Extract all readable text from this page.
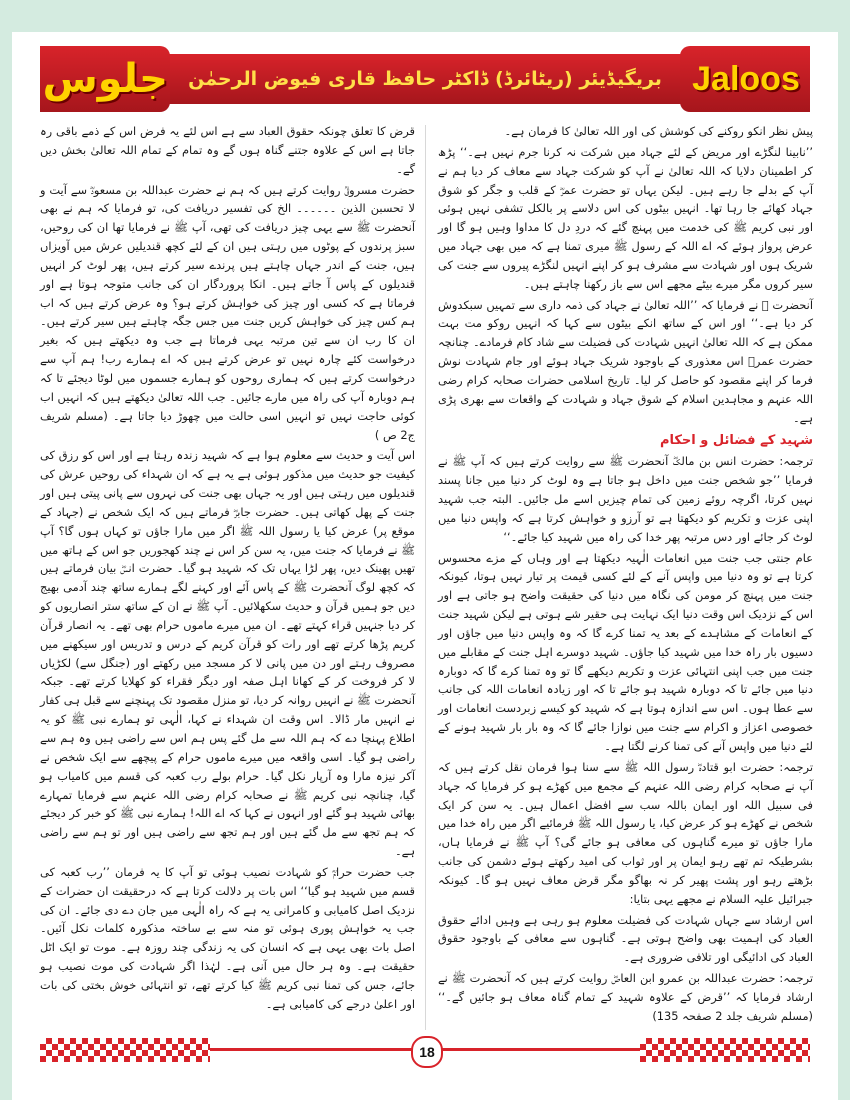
جلوس	بریگیڈیئر (ریٹائرڈ) ڈاکٹر حافظ قاری فیوض الرحمٰن Jaloos

پیش نظر انکو روکنے کی کوشش کی اور اللہ تعالیٰ کا فرمان ہے۔

’’نابینا لنگڑے اور مریض کے لئے جہاد میں شرکت نہ کرنا جرم نہیں ہے۔‘‘ پڑھ کر اطمینان دلایا کہ اللہ تعالیٰ نے آپ کو شرکت جہاد سے معاف کر دیا ہم نے آپ کے بدلے جا رہے ہیں۔ لیکن یہاں تو حضرت عمرؓ کے قلب و جگر کو شوق جہاد کھائے جا رہا تھا۔ انہیں بیٹوں کی اس دلاسے پر بالکل تشفی نہیں ہوئی اور نبی کریم ﷺ کی خدمت میں پہنچ گئے کہ دردِ دل کا مداوا وہیں ہو گا اور عرض پرواز ہوئے کہ اے اللہ کے رسول ﷺ میری تمنا ہے کہ میں بھی جہاد میں شریک ہوں اور شہادت سے مشرف ہو کر اپنے انہیں لنگڑے پیروں سے جنت کی سیر کروں مگر میرے بیٹے مجھے اس سے باز رکھنا چاہتے ہیں۔

آنحضرت ﷺ نے فرمایا کہ ’’اللہ تعالیٰ نے جہاد کی ذمہ داری سے تمہیں سبکدوش کر دیا ہے۔‘‘ اور اس کے ساتھ انکے بیٹوں سے کہا کہ انہیں روکو مت بہت ممکن ہے کہ اللہ تعالیٰ انہیں شہادت کی فضیلت سے شاد کام فرمادے۔ چنانچہ حضرت عمرؓ اس معذوری کے باوجود شریک جہاد ہوئے اور جام شہادت نوش فرما کر اپنے مقصود کو حاصل کر لیا۔ تاریخ اسلامی حضرات صحابہ کرام رضی اللہ عنہم و مجاہدین اسلام کے شوق جہاد و شہادت کے واقعات سے بھری پڑی ہے۔

شہید کے فضائل و احکام

ترجمہ: حضرت انس بن مالکؓ آنحضرت ﷺ سے روایت کرتے ہیں کہ آپ ﷺ نے فرمایا ’’جو شخص جنت میں داخل ہو جاتا ہے وہ لوٹ کر دنیا میں جانا پسند نہیں کرتا، اگرچہ روئے زمین کی تمام چیزیں اسے مل جائیں۔ البتہ جب شہید اپنی عزت و تکریم کو دیکھتا ہے تو آرزو و خواہش کرتا ہے کہ واپس دنیا میں لوٹ کر جائے اور دس مرتبہ پھر خدا کی راہ میں شہید کیا جائے۔‘‘

عام جنتی جب جنت میں انعامات الٰہیہ دیکھتا ہے اور وہاں کے مزے محسوس کرتا ہے تو وہ دنیا میں واپس آنے کے لئے کسی قیمت پر تیار نہیں ہوتا، کیونکہ جنت میں پہنچ کر مومن کی نگاہ میں دنیا کی حقیقت واضح ہو جاتی ہے اور اس کے نزدیک اس وقت دنیا ایک نہایت ہی حقیر شے ہوتی ہے لیکن شہید جنت کے انعامات کے مشاہدے کے بعد یہ تمنا کرے گا کہ وہ واپس دنیا میں جاؤں اور دسیوں بار راہ خدا میں شہید کیا جاؤں۔ شہید دوسرے اہل جنت کے مقابلے میں جنت میں جب اپنی انتہائی عزت و تکریم دیکھے گا تو وہ تمنا کرے گا کہ دوبارہ دنیا میں جائے تا کہ دوبارہ شہید ہو جائے تا کہ اور زیادہ انعامات اللہ کی جانب سے عطا ہوں۔ اس سے اندازہ ہوتا ہے کہ شہید کو کیسے زبردست انعامات اور خصوصی اعزاز و اکرام سے جنت میں نوازا جائے گا کہ وہ بار بار شہید ہونے کے لئے دنیا میں واپس آنے کی تمنا کرنے لگتا ہے۔

ترجمہ: حضرت ابو قتادہؓ رسول اللہ ﷺ سے سنا ہوا فرمان نقل کرتے ہیں کہ آپ نے صحابہ کرام رضی اللہ عنہم کے مجمع میں کھڑے ہو کر فرمایا کہ جہاد فی سبیل اللہ اور ایمان باللہ سب سے افضل اعمال ہیں۔ یہ سن کر ایک شخص نے کھڑے ہو کر عرض کیا، یا رسول اللہ ﷺ فرمائیے اگر میں راہ خدا میں مارا جاؤں تو میرے گناہوں کی معافی ہو جائے گی؟ آپ ﷺ نے فرمایا ہاں، بشرطیکہ تم تھے رہو ایمان پر اور ثواب کی امید رکھتے ہوئے دشمن کی جانب بڑھتے رہو اور پشت پھیر کر نہ بھاگو مگر قرض معاف نہیں ہو گا۔ کیونکہ جبرائیل علیہ السلام نے مجھے یہی بتایا:

اس ارشاد سے جہاں شہادت کی فضیلت معلوم ہو رہی ہے وہیں ادائے حقوق العباد کی اہمیت بھی واضح ہوتی ہے۔ گناہوں سے معافی کے باوجود حقوق العباد کی ادائیگی اور تلافی ضروری ہے۔

ترجمہ: حضرت عبداللہ بن عمرو ابن العاصؓ روایت کرتے ہیں کہ آنحضرت ﷺ نے ارشاد فرمایا کہ ’’قرض کے علاوہ شہید کے تمام گناہ معاف ہو جائیں گے۔‘‘ (مسلم شریف جلد 2 صفحہ 135)

قرض کا تعلق چونکہ حقوق العباد سے ہے اس لئے یہ فرض اس کے ذمے باقی رہ جاتا ہے اس کے علاوہ جتنے گناہ ہوں گے وہ تمام کے تمام اللہ تعالیٰ بخش دیں گے۔

حضرت مسروقؒ روایت کرتے ہیں کہ ہم نے حضرت عبداللہ بن مسعودؓ سے آیت و لا تحسبن الذین ۔۔۔۔۔۔ الخ کی تفسیر دریافت کی، تو فرمایا کہ ہم نے بھی آنحضرت ﷺ سے یہی چیز دریافت کی تھی، آپ ﷺ نے فرمایا تھا ان کی روحیں، سبز پرندوں کے پوٹوں میں رہتی ہیں ان کے لئے کچھ قندیلیں عرش میں آویزاں ہیں، جنت کے اندر جہاں چاہتے ہیں پرندے سیر کرتے ہیں، پھر لوٹ کر انہیں قندیلوں کے پاس آ جاتے ہیں۔ انکا پروردگار ان کی جانب متوجہ ہوتا ہے اور فرماتا ہے کہ کسی اور چیز کی خواہش کرتے ہو؟ وہ عرض کرتے ہیں کہ اب ہم کس چیز کی خواہش کریں جنت میں جس جگہ چاہتے ہیں سیر کرتے ہیں۔ ان کا رب ان سے تین مرتبہ یہی فرماتا ہے جب وہ دیکھتے ہیں کہ بغیر درخواست کئے چارہ نہیں تو عرض کرتے ہیں کہ اے ہمارے رب! ہم آپ سے درخواست کرتے ہیں کہ ہماری روحوں کو ہمارے جسموں میں لوٹا دیجئے تا کہ ہم دوبارہ آپ کی راہ میں مارے جائیں۔ جب اللہ تعالیٰ دیکھتے ہیں کہ انہیں اب کوئی حاجت نہیں تو انہیں اسی حالت میں چھوڑ دیا جاتا ہے۔ (مسلم شریف ج2 ص )

اس آیت و حدیث سے معلوم ہوا ہے کہ شہید زندہ رہتا ہے اور اس کو رزق کی کیفیت جو حدیث میں مذکور ہوئی ہے یہ ہے کہ ان شہداء کی روحیں عرش کی قندیلوں میں رہتی ہیں اور یہ جہاں بھی جنت کی نہروں سے پانی پیتی ہیں اور جنت کے پھل کھاتی ہیں۔ حضرت جابرؓ فرماتے ہیں کہ ایک شخص نے (جہاد کے موقع پر) عرض کیا یا رسول اللہ ﷺ اگر میں مارا جاؤں تو کہاں ہوں گا؟ آپ ﷺ نے فرمایا کہ جنت میں، یہ سن کر اس نے چند کھجوریں جو اس کے ہاتھ میں تھیں پھینک دیں، پھر لڑا یہاں تک کہ شہید ہو گیا۔ حضرت انسؓ بیان فرماتے ہیں کہ کچھ لوگ آنحضرت ﷺ کے پاس آئے اور کہنے لگے ہمارے ساتھ چند آدمی بھیج دیں جو ہمیں قرآن و حدیث سکھلائیں۔ آپ ﷺ نے ان کے ساتھ ستر انصاریوں کو کر دیا جنہیں قراء کہتے تھے۔ ان میں میرے ماموں حرام بھی تھے۔ یہ انصار قرآن کریم پڑھا کرتے تھے اور رات کو قرآن کریم کے درس و تدریس اور سیکھنے میں مصروف رہتے اور دن میں پانی لا کر مسجد میں رکھتے اور (جنگل سے) لکڑیاں لا کر فروخت کر کے کھانا اہل صفہ اور دیگر فقراء کو کھلایا کرتے تھے۔ جبکہ آنحضرت ﷺ نے انہیں روانہ کر دیا، تو منزل مقصود تک پہنچنے سے قبل ہی کفار نے انہیں مار ڈالا۔ اس وقت ان شہداء نے کہا، الٰہی تو ہمارے نبی ﷺ کو یہ اطلاع پہنچا دے کہ ہم اللہ سے مل گئے پس ہم اس سے راضی ہیں وہ ہم سے راضی ہو گیا۔ اسی واقعہ میں میرے ماموں حرام کے پیچھے سے ایک شخص نے آکر نیزہ مارا وہ آرپار نکل گیا۔ حرام بولے رب کعبہ کی قسم میں کامیاب ہو گیا، چنانچہ نبی کریم ﷺ نے صحابہ کرام رضی اللہ عنہم سے فرمایا تمہارے بھائی شہید ہو گئے اور انہوں نے کہا کہ اے اللہ! ہمارے نبی ﷺ کو خبر کر دیجئے کہ ہم تجھ سے مل گئے ہیں اور ہم تجھ سے راضی ہیں اور تو ہم سے راضی ہے۔

جب حضرت حرامؓ کو شہادت نصیب ہوئی تو آپ کا یہ فرمان ’’رب کعبہ کی قسم میں شہید ہو گیا‘‘ اس بات پر دلالت کرتا ہے کہ درحقیقت ان حضرات کے نزدیک اصل کامیابی و کامرانی یہ ہے کہ راہ الٰہی میں جان دے دی جائے۔ ان کی جب یہ خواہش پوری ہوئی تو منہ سے بے ساختہ مذکورہ کلمات نکل آئیں۔ اصل بات بھی یہی ہے کہ انسان کی یہ زندگی چند روزہ ہے۔ موت تو ایک اٹل حقیقت ہے۔ وہ ہر حال میں آنی ہے۔ لہٰذا اگر شہادت کی موت نصیب ہو جائے، جس کی تمنا نبی کریم ﷺ کیا کرتے تھے، تو انتہائی خوش بختی کی بات اور اعلیٰ درجے کی کامیابی ہے۔

18
